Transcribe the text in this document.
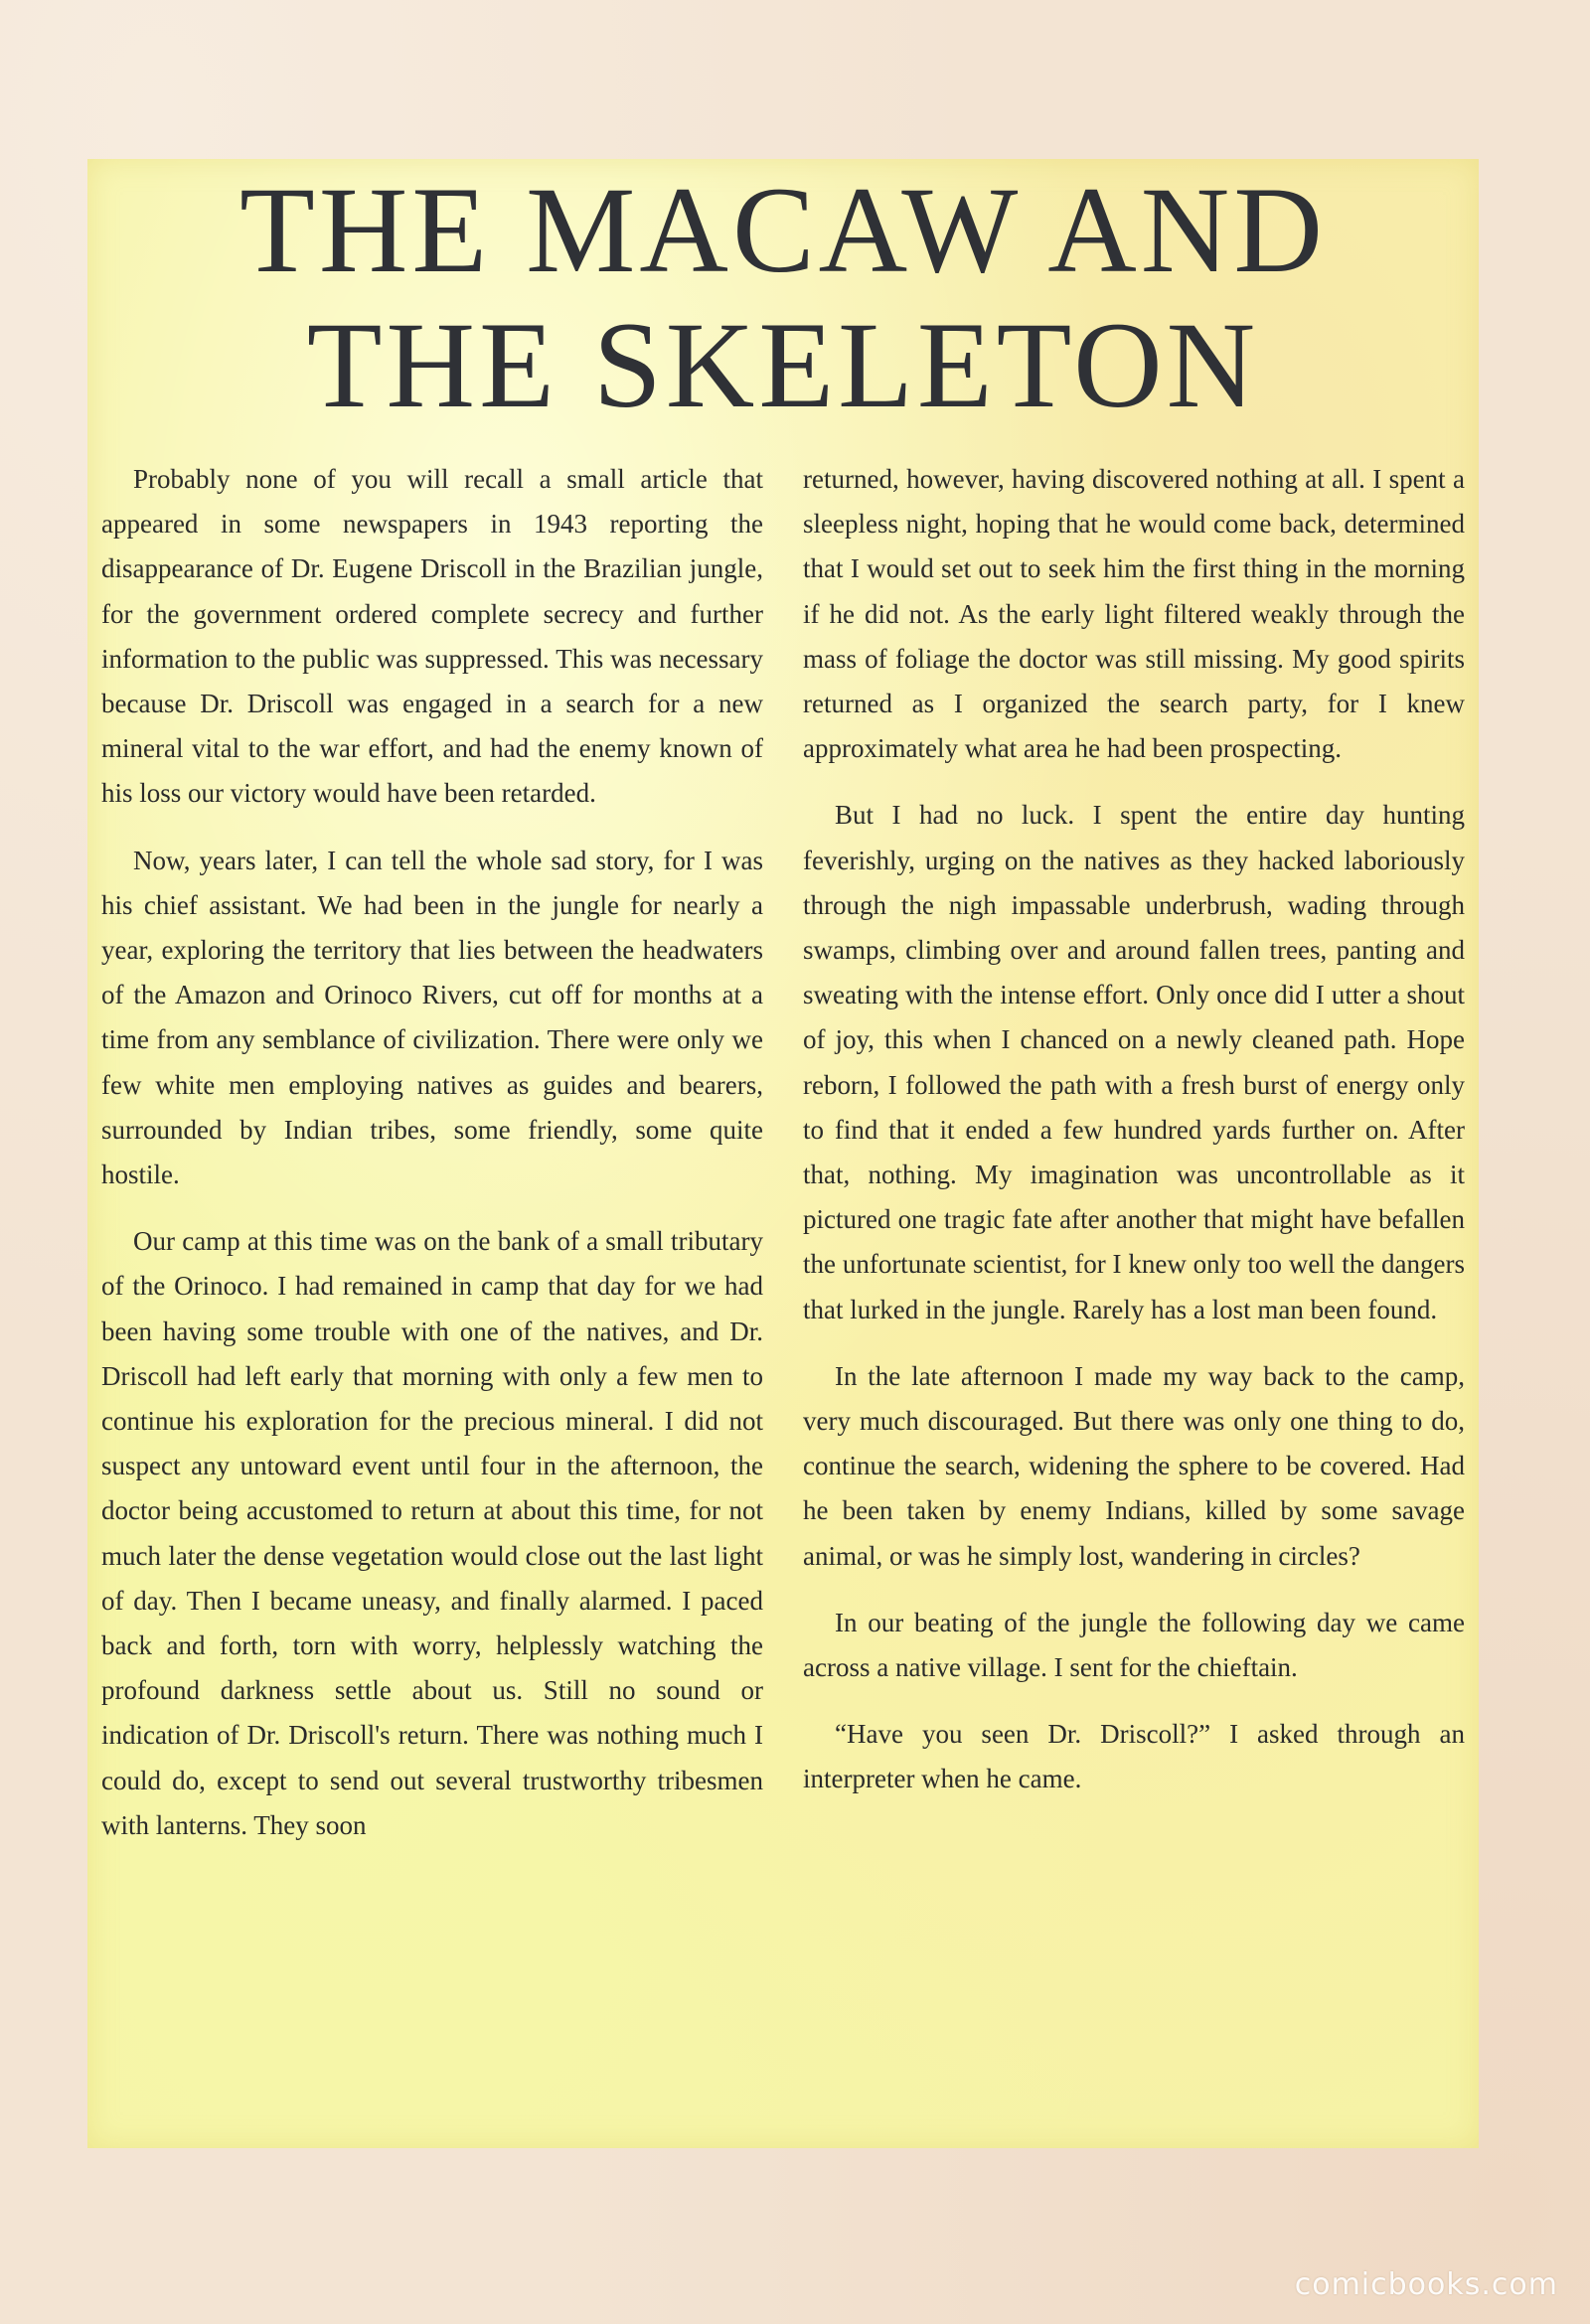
THE MACAW AND
THE SKELETON

Probably none of you will recall a small article that appeared in some newspapers in 1943 reporting the disappearance of Dr. Eugene Driscoll in the Brazilian jungle, for the government ordered complete secrecy and further information to the public was suppressed. This was necessary because Dr. Driscoll was engaged in a search for a new mineral vital to the war effort, and had the enemy known of his loss our victory would have been retarded.

Now, years later, I can tell the whole sad story, for I was his chief assistant. We had been in the jungle for nearly a year, exploring the territory that lies between the headwaters of the Amazon and Orinoco Rivers, cut off for months at a time from any semblance of civilization. There were only we few white men employing natives as guides and bearers, surrounded by Indian tribes, some friendly, some quite hostile.

Our camp at this time was on the bank of a small tributary of the Orinoco. I had remained in camp that day for we had been having some trouble with one of the natives, and Dr. Driscoll had left early that morning with only a few men to continue his exploration for the precious mineral. I did not suspect any untoward event until four in the afternoon, the doctor being accustomed to return at about this time, for not much later the dense vegetation would close out the last light of day. Then I became uneasy, and finally alarmed. I paced back and forth, torn with worry, helplessly watching the profound darkness settle about us. Still no sound or indication of Dr. Driscoll's return. There was nothing much I could do, except to send out several trustworthy tribesmen with lanterns. They soon

returned, however, having discovered nothing at all. I spent a sleepless night, hoping that he would come back, determined that I would set out to seek him the first thing in the morning if he did not. As the early light filtered weakly through the mass of foliage the doctor was still missing. My good spirits returned as I organized the search party, for I knew approximately what area he had been prospecting.

But I had no luck. I spent the entire day hunting feverishly, urging on the natives as they hacked laboriously through the nigh impassable underbrush, wading through swamps, climbing over and around fallen trees, panting and sweating with the intense effort. Only once did I utter a shout of joy, this when I chanced on a newly cleaned path. Hope reborn, I followed the path with a fresh burst of energy only to find that it ended a few hundred yards further on. After that, nothing. My imagination was uncontrollable as it pictured one tragic fate after another that might have befallen the unfortunate scientist, for I knew only too well the dangers that lurked in the jungle. Rarely has a lost man been found.

In the late afternoon I made my way back to the camp, very much discouraged. But there was only one thing to do, continue the search, widening the sphere to be covered. Had he been taken by enemy Indians, killed by some savage animal, or was he simply lost, wandering in circles?

In our beating of the jungle the following day we came across a native village. I sent for the chieftain.

“Have you seen Dr. Driscoll?” I asked through an interpreter when he came.

comicbooks.com
